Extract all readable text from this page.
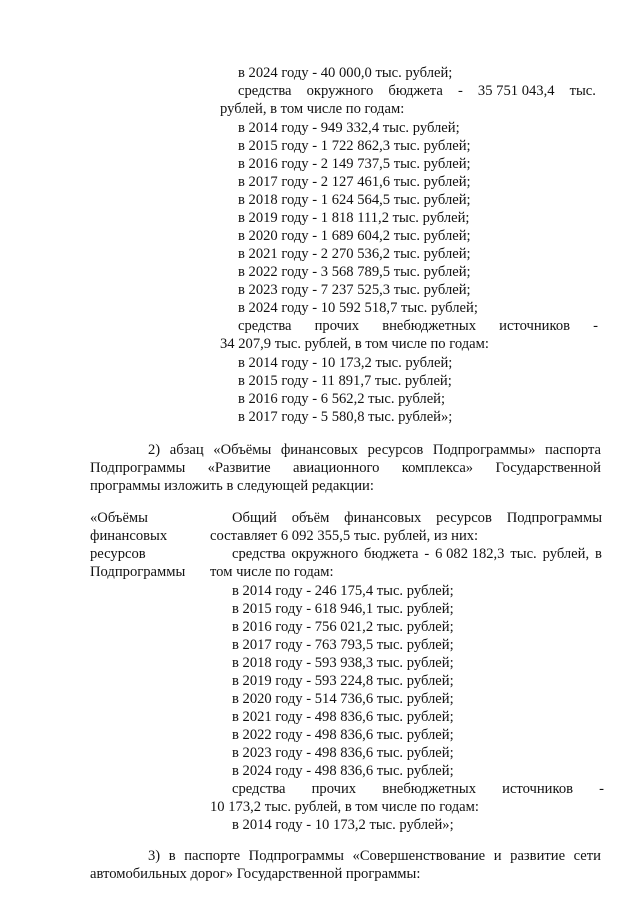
в 2024 году - 40 000,0 тыс. рублей;
средства окружного бюджета - 35 751 043,4 тыс.
рублей, в том числе по годам:
в 2014 году - 949 332,4 тыс. рублей;
в 2015 году - 1 722 862,3 тыс. рублей;
в 2016 году - 2 149 737,5 тыс. рублей;
в 2017 году - 2 127 461,6 тыс. рублей;
в 2018 году - 1 624 564,5 тыс. рублей;
в 2019 году - 1 818 111,2 тыс. рублей;
в 2020 году - 1 689 604,2 тыс. рублей;
в 2021 году - 2 270 536,2 тыс. рублей;
в 2022 году - 3 568 789,5 тыс. рублей;
в 2023 году - 7 237 525,3 тыс. рублей;
в 2024 году - 10 592 518,7 тыс. рублей;
средства прочих внебюджетных источников -
34 207,9 тыс. рублей, в том числе по годам:
в 2014 году - 10 173,2 тыс. рублей;
в 2015 году - 11 891,7 тыс. рублей;
в 2016 году - 6 562,2 тыс. рублей;
в 2017 году - 5 580,8 тыс. рублей»;
2) абзац «Объёмы финансовых ресурсов Подпрограммы» паспорта
Подпрограммы «Развитие авиационного комплекса» Государственной
программы изложить в следующей редакции:
«Объёмы
финансовых
ресурсов
Подпрограммы
Общий объём финансовых ресурсов Подпрограммы
составляет 6 092 355,5 тыс. рублей, из них:
средства окружного бюджета - 6 082 182,3 тыс. рублей, в
том числе по годам:
в 2014 году - 246 175,4 тыс. рублей;
в 2015 году - 618 946,1 тыс. рублей;
в 2016 году - 756 021,2 тыс. рублей;
в 2017 году - 763 793,5 тыс. рублей;
в 2018 году - 593 938,3 тыс. рублей;
в 2019 году - 593 224,8 тыс. рублей;
в 2020 году - 514 736,6 тыс. рублей;
в 2021 году - 498 836,6 тыс. рублей;
в 2022 году - 498 836,6 тыс. рублей;
в 2023 году - 498 836,6 тыс. рублей;
в 2024 году - 498 836,6 тыс. рублей;
средства прочих внебюджетных источников -
10 173,2 тыс. рублей, в том числе по годам:
в 2014 году - 10 173,2 тыс. рублей»;
3) в паспорте Подпрограммы «Совершенствование и развитие сети
автомобильных дорог» Государственной программы:
